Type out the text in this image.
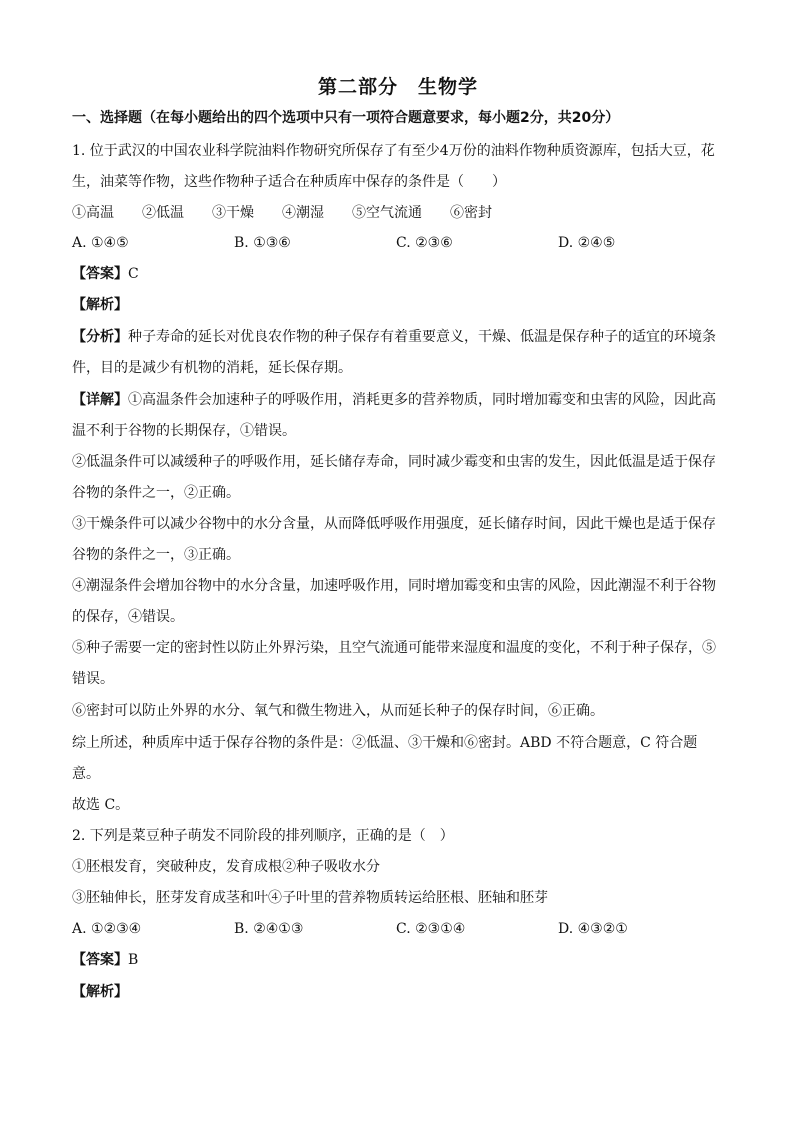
第二部分　生物学
一、选择题（在每小题给出的四个选项中只有一项符合题意要求，每小题2分，共20分）
1. 位于武汉的中国农业科学院油料作物研究所保存了有至少4万份的油料作物种质资源库，包括大豆，花
生，油菜等作物，这些作物种子适合在种质库中保存的条件是（　　）
①高温　　②低温　　③干燥　　④潮湿　　⑤空气流通　　⑥密封
A. ①④⑤	B. ①③⑥	C. ②③⑥	D. ②④⑤
【答案】C
【解析】
【分析】种子寿命的延长对优良农作物的种子保存有着重要意义，干燥、低温是保存种子的适宜的环境条
件，目的是减少有机物的消耗，延长保存期。
【详解】①高温条件会加速种子的呼吸作用，消耗更多的营养物质，同时增加霉变和虫害的风险，因此高
温不利于谷物的长期保存，①错误。
②低温条件可以减缓种子的呼吸作用，延长储存寿命，同时减少霉变和虫害的发生，因此低温是适于保存
谷物的条件之一，②正确。
③干燥条件可以减少谷物中的水分含量，从而降低呼吸作用强度，延长储存时间，因此干燥也是适于保存
谷物的条件之一，③正确。
④潮湿条件会增加谷物中的水分含量，加速呼吸作用，同时增加霉变和虫害的风险，因此潮湿不利于谷物
的保存，④错误。
⑤种子需要一定的密封性以防止外界污染，且空气流通可能带来湿度和温度的变化，不利于种子保存，⑤
错误。
⑥密封可以防止外界的水分、氧气和微生物进入，从而延长种子的保存时间，⑥正确。
综上所述，种质库中适于保存谷物的条件是：②低温、③干燥和⑥密封。ABD 不符合题意，C 符合题
意。
故选 C。
2. 下列是菜豆种子萌发不同阶段的排列顺序，正确的是（　）
①胚根发育，突破种皮，发育成根②种子吸收水分
③胚轴伸长，胚芽发育成茎和叶④子叶里的营养物质转运给胚根、胚轴和胚芽
A. ①②③④	B. ②④①③	C. ②③①④	D. ④③②①
【答案】B
【解析】
